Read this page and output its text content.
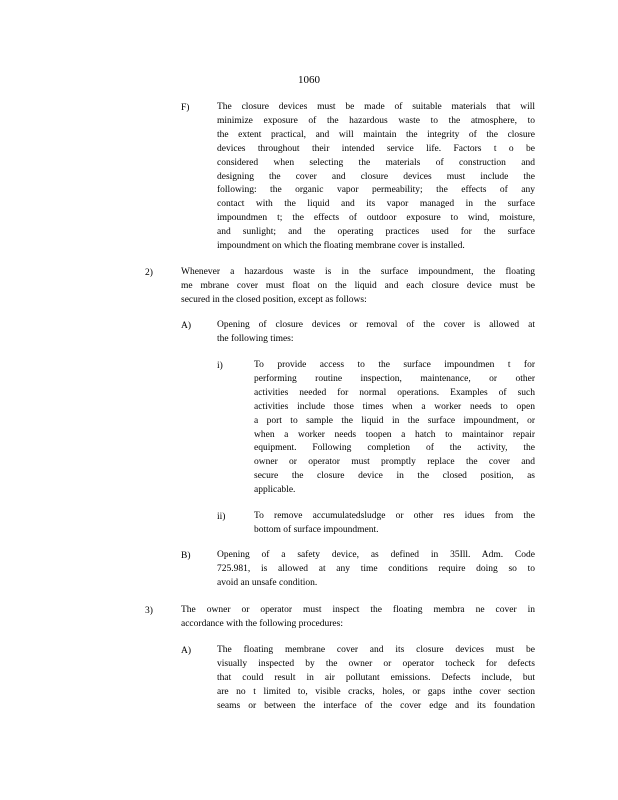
1060
F)	The closure devices must be made of suitable materials that will
minimize exposure of the hazardous waste to the atmosphere, to
the extent practical, and will maintain the integrity of the closure
devices throughout their intended service life. Factors t o be
considered when selecting the materials of construction and
designing the cover and closure devices must include the
following: the organic vapor permeability; the effects of any
contact with the liquid and its vapor managed in the surface
impoundmen t; the effects of outdoor exposure to wind, moisture,
and sunlight; and the operating practices used for the surface
impoundment on which the floating membrane cover is installed.
2)	Whenever a hazardous waste is in the surface impoundment, the floating
me mbrane cover must float on the liquid and each closure device must be
secured in the closed position, except as follows:
A)	Opening of closure devices or removal of the cover is allowed at
the following times:
i)	To provide access to the surface impoundmen t for
performing routine inspection, maintenance, or other
activities needed for normal operations. Examples of such
activities include those times when a worker needs to open
a port to sample the liquid in the surface impoundment, or
when a worker needs toopen a hatch to maintainor repair
equipment. Following completion of the activity, the
owner or operator must promptly replace the cover and
secure the closure device in the closed position, as
applicable.
ii)	To remove accumulatedsludge or other res idues from the
bottom of surface impoundment.
B)	Opening of a safety device, as defined in 35Ill. Adm. Code
725.981, is allowed at any time conditions require doing so to
avoid an unsafe condition.
3)	The owner or operator must inspect the floating membra ne cover in
accordance with the following procedures:
A)	The floating membrane cover and its closure devices must be
visually inspected by the owner or operator tocheck for defects
that could result in air pollutant emissions. Defects include, but
are no t limited to, visible cracks, holes, or gaps inthe cover section
seams or between the interface of the cover edge and its foundation
